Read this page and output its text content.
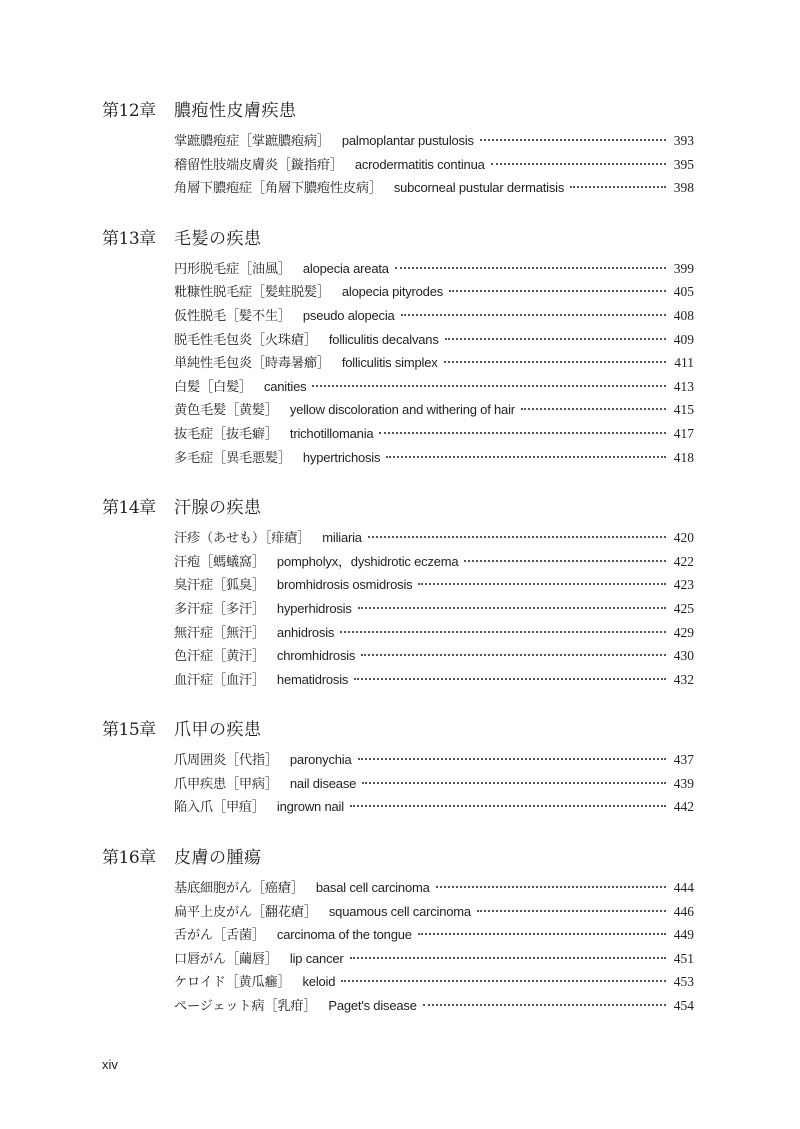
第12章	膿疱性皮膚疾患
掌蹠膿疱症［掌蹠膿疱病］ palmoplantar pustulosis	393
稽留性肢端皮膚炎［鏇指疳］ acrodermatitis continua	395
角層下膿疱症［角層下膿疱性皮病］ subcorneal pustular dermatisis	398
第13章	毛髪の疾患
円形脱毛症［油風］ alopecia areata	399
粃糠性脱毛症［髪蛀脱髪］ alopecia pityrodes	405
仮性脱毛［髪不生］ pseudo alopecia	408
脱毛性毛包炎［火珠瘡］ folliculitis decalvans	409
単純性毛包炎［時毒暑癤］ folliculitis simplex	411
白髪［白髪］ canities	413
黄色毛髪［黄髪］ yellow discoloration and withering of hair	415
抜毛症［抜毛癖］ trichotillomania	417
多毛症［異毛悪髪］ hypertrichosis	418
第14章	汗腺の疾患
汗疹（あせも）［痱瘡］ miliaria	420
汗疱［螞蟻窩］ pompholyx，dyshidrotic eczema	422
臭汗症［狐臭］ bromhidrosis osmidrosis	423
多汗症［多汗］ hyperhidrosis	425
無汗症［無汗］ anhidrosis	429
色汗症［黄汗］ chromhidrosis	430
血汗症［血汗］ hematidrosis	432
第15章	爪甲の疾患
爪周囲炎［代指］ paronychia	437
爪甲疾患［甲病］ nail disease	439
陥入爪［甲疽］ ingrown nail	442
第16章	皮膚の腫瘍
基底細胞がん［癌瘡］ basal cell carcinoma	444
扁平上皮がん［翻花瘡］ squamous cell carcinoma	446
舌がん［舌菌］ carcinoma of the tongue	449
口唇がん［繭唇］ lip cancer	451
ケロイド［黄瓜癰］ keloid	453
ページェット病［乳疳］ Paget's disease	454
xiv
